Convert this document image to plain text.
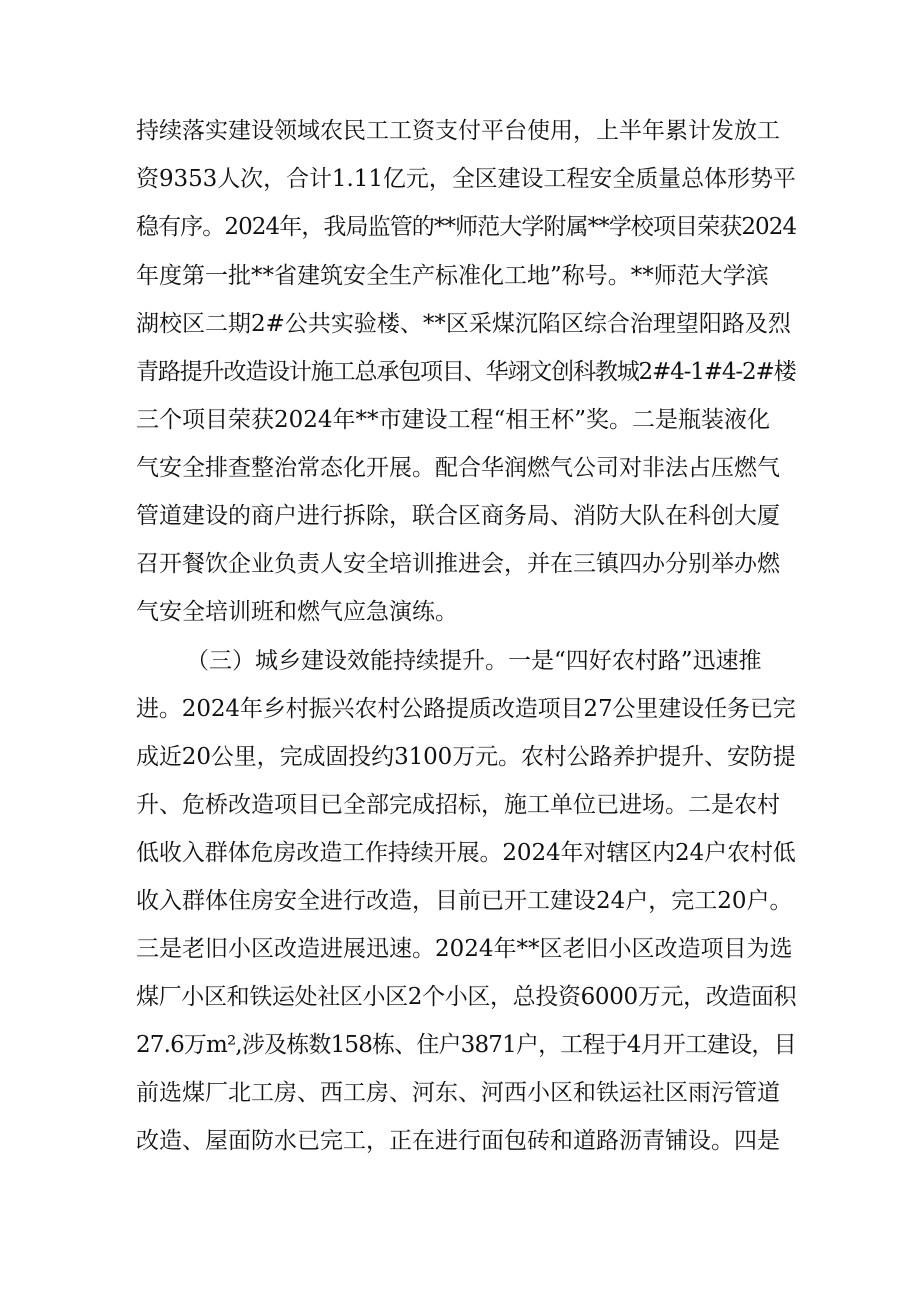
持续落实建设领域农民工工资支付平台使用，上半年累计发放工
资9353人次，合计1.11亿元，全区建设工程安全质量总体形势平
稳有序。2024年，我局监管的**师范大学附属**学校项目荣获2024
年度第一批**省建筑安全生产标准化工地”称号。**师范大学滨
湖校区二期2#公共实验楼、**区采煤沉陷区综合治理望阳路及烈
青路提升改造设计施工总承包项目、华翊文创科教城2#4-1#4-2#楼
三个项目荣获2024年**市建设工程“相王杯”奖。二是瓶装液化
气安全排查整治常态化开展。配合华润燃气公司对非法占压燃气
管道建设的商户进行拆除，联合区商务局、消防大队在科创大厦
召开餐饮企业负责人安全培训推进会，并在三镇四办分别举办燃
气安全培训班和燃气应急演练。
（三）城乡建设效能持续提升。一是“四好农村路”迅速推
进。2024年乡村振兴农村公路提质改造项目27公里建设任务已完
成近20公里，完成固投约3100万元。农村公路养护提升、安防提
升、危桥改造项目已全部完成招标，施工单位已进场。二是农村
低收入群体危房改造工作持续开展。2024年对辖区内24户农村低
收入群体住房安全进行改造，目前已开工建设24户，完工20户。
三是老旧小区改造进展迅速。2024年**区老旧小区改造项目为选
煤厂小区和铁运处社区小区2个小区，总投资6000万元，改造面积
27.6万m²,涉及栋数158栋、住户3871户，工程于4月开工建设，目
前选煤厂北工房、西工房、河东、河西小区和铁运社区雨污管道
改造、屋面防水已完工，正在进行面包砖和道路沥青铺设。四是
